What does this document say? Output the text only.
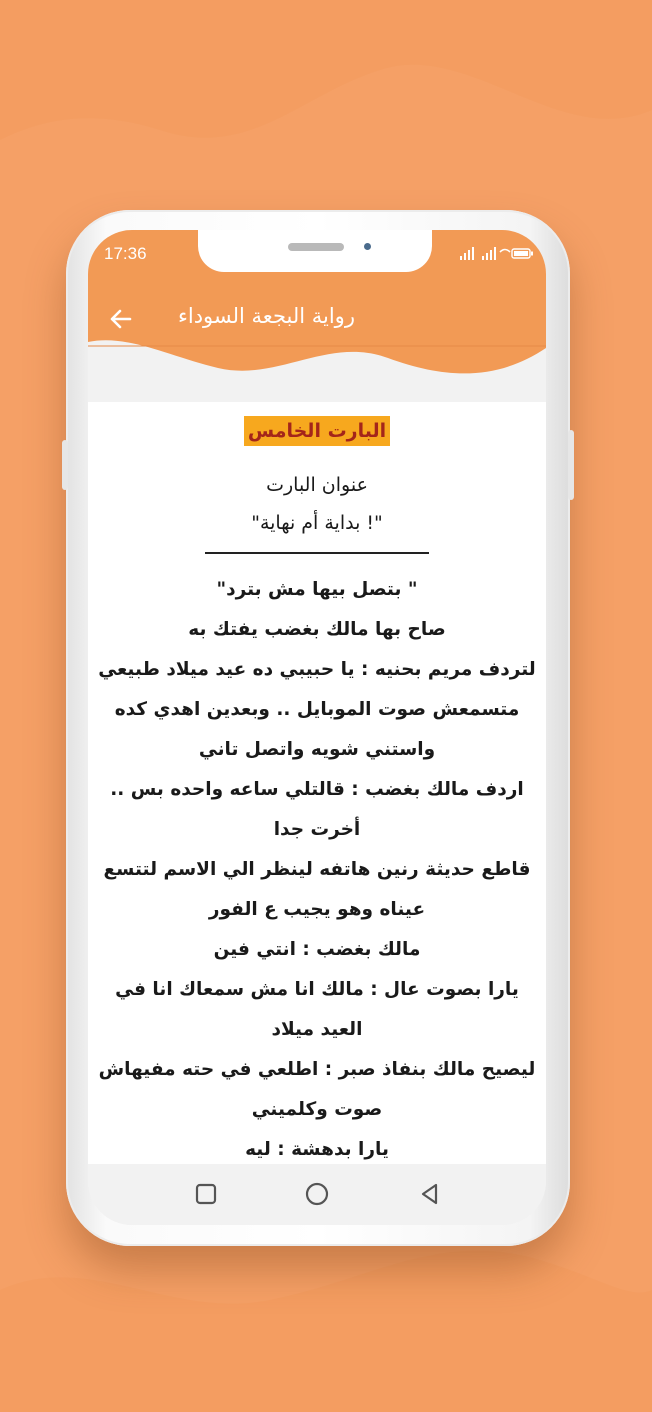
17:36
رواية البجعة السوداء
البارت الخامس
عنوان البارت
"! بداية أم نهاية"
" بتصل بيها مش بترد"
صاح بها مالك بغضب يفتك به
لتردف مريم بحنيه : يا حبيبي ده عيد ميلاد طبيعي متسمعش صوت الموبايل .. وبعدين اهدي كده واستني شويه واتصل تاني
اردف مالك بغضب : قالتلي ساعه واحده بس .. أخرت جدا
قاطع حديثة رنين هاتفه لينظر الي الاسم لتتسع عيناه وهو يجيب ع الفور
مالك بغضب : انتي فين
يارا بصوت عال : مالك انا مش سمعاك انا في العيد ميلاد
ليصيح مالك بنفاذ صبر : اطلعي في حته مفيهاش صوت وكلميني
يارا بدهشة : ليه
